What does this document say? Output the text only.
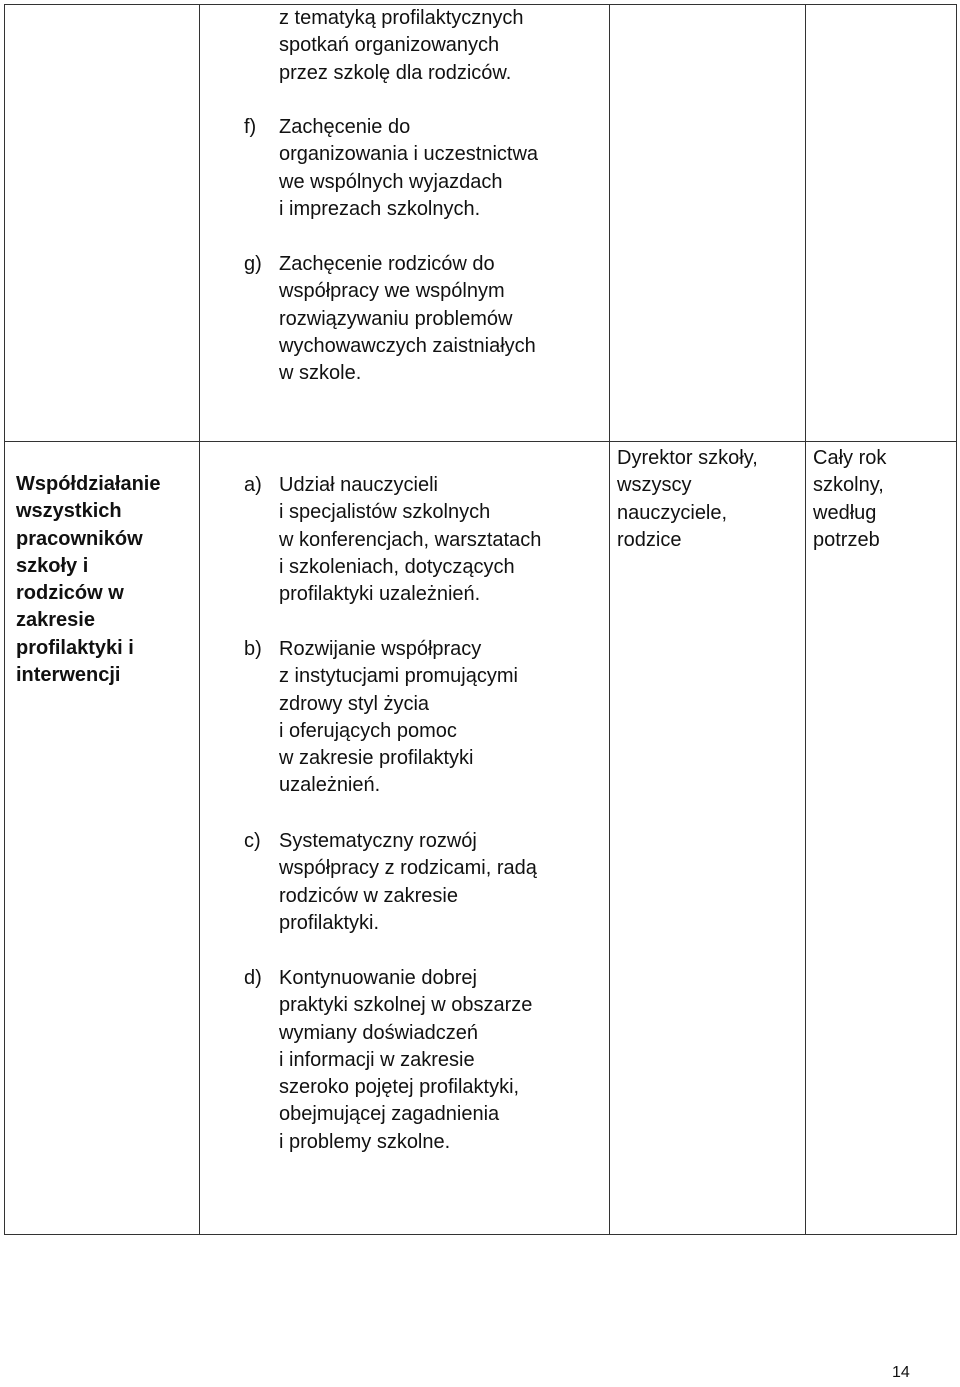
z tematyką profilaktycznych
spotkań organizowanych
przez szkolę dla rodziców.
f)	Zachęcenie do
organizowania i uczestnictwa
we wspólnych wyjazdach
i imprezach szkolnych.
g) Zachęcenie rodziców do
współpracy we wspólnym
rozwiązywaniu problemów
wychowawczych zaistniałych
w szkole.
Współdziałanie
wszystkich
pracowników
szkoły i
rodziców w
zakresie
profilaktyki i
interwencji
a) Udział nauczycieli
i specjalistów szkolnych
w konferencjach, warsztatach
i szkoleniach, dotyczących
profilaktyki uzależnień.
b) Rozwijanie współpracy
z instytucjami promującymi
zdrowy styl życia
i oferujących pomoc
w zakresie profilaktyki
uzależnień.
c) Systematyczny rozwój
współpracy z rodzicami, radą
rodziców w zakresie
profilaktyki.
d) Kontynuowanie dobrej
praktyki szkolnej w obszarze
wymiany doświadczeń
i informacji w zakresie
szeroko pojętej profilaktyki,
obejmującej zagadnienia
i problemy szkolne.
Dyrektor szkoły,
wszyscy
nauczyciele,
rodzice
Cały rok
szkolny,
według
potrzeb
14
